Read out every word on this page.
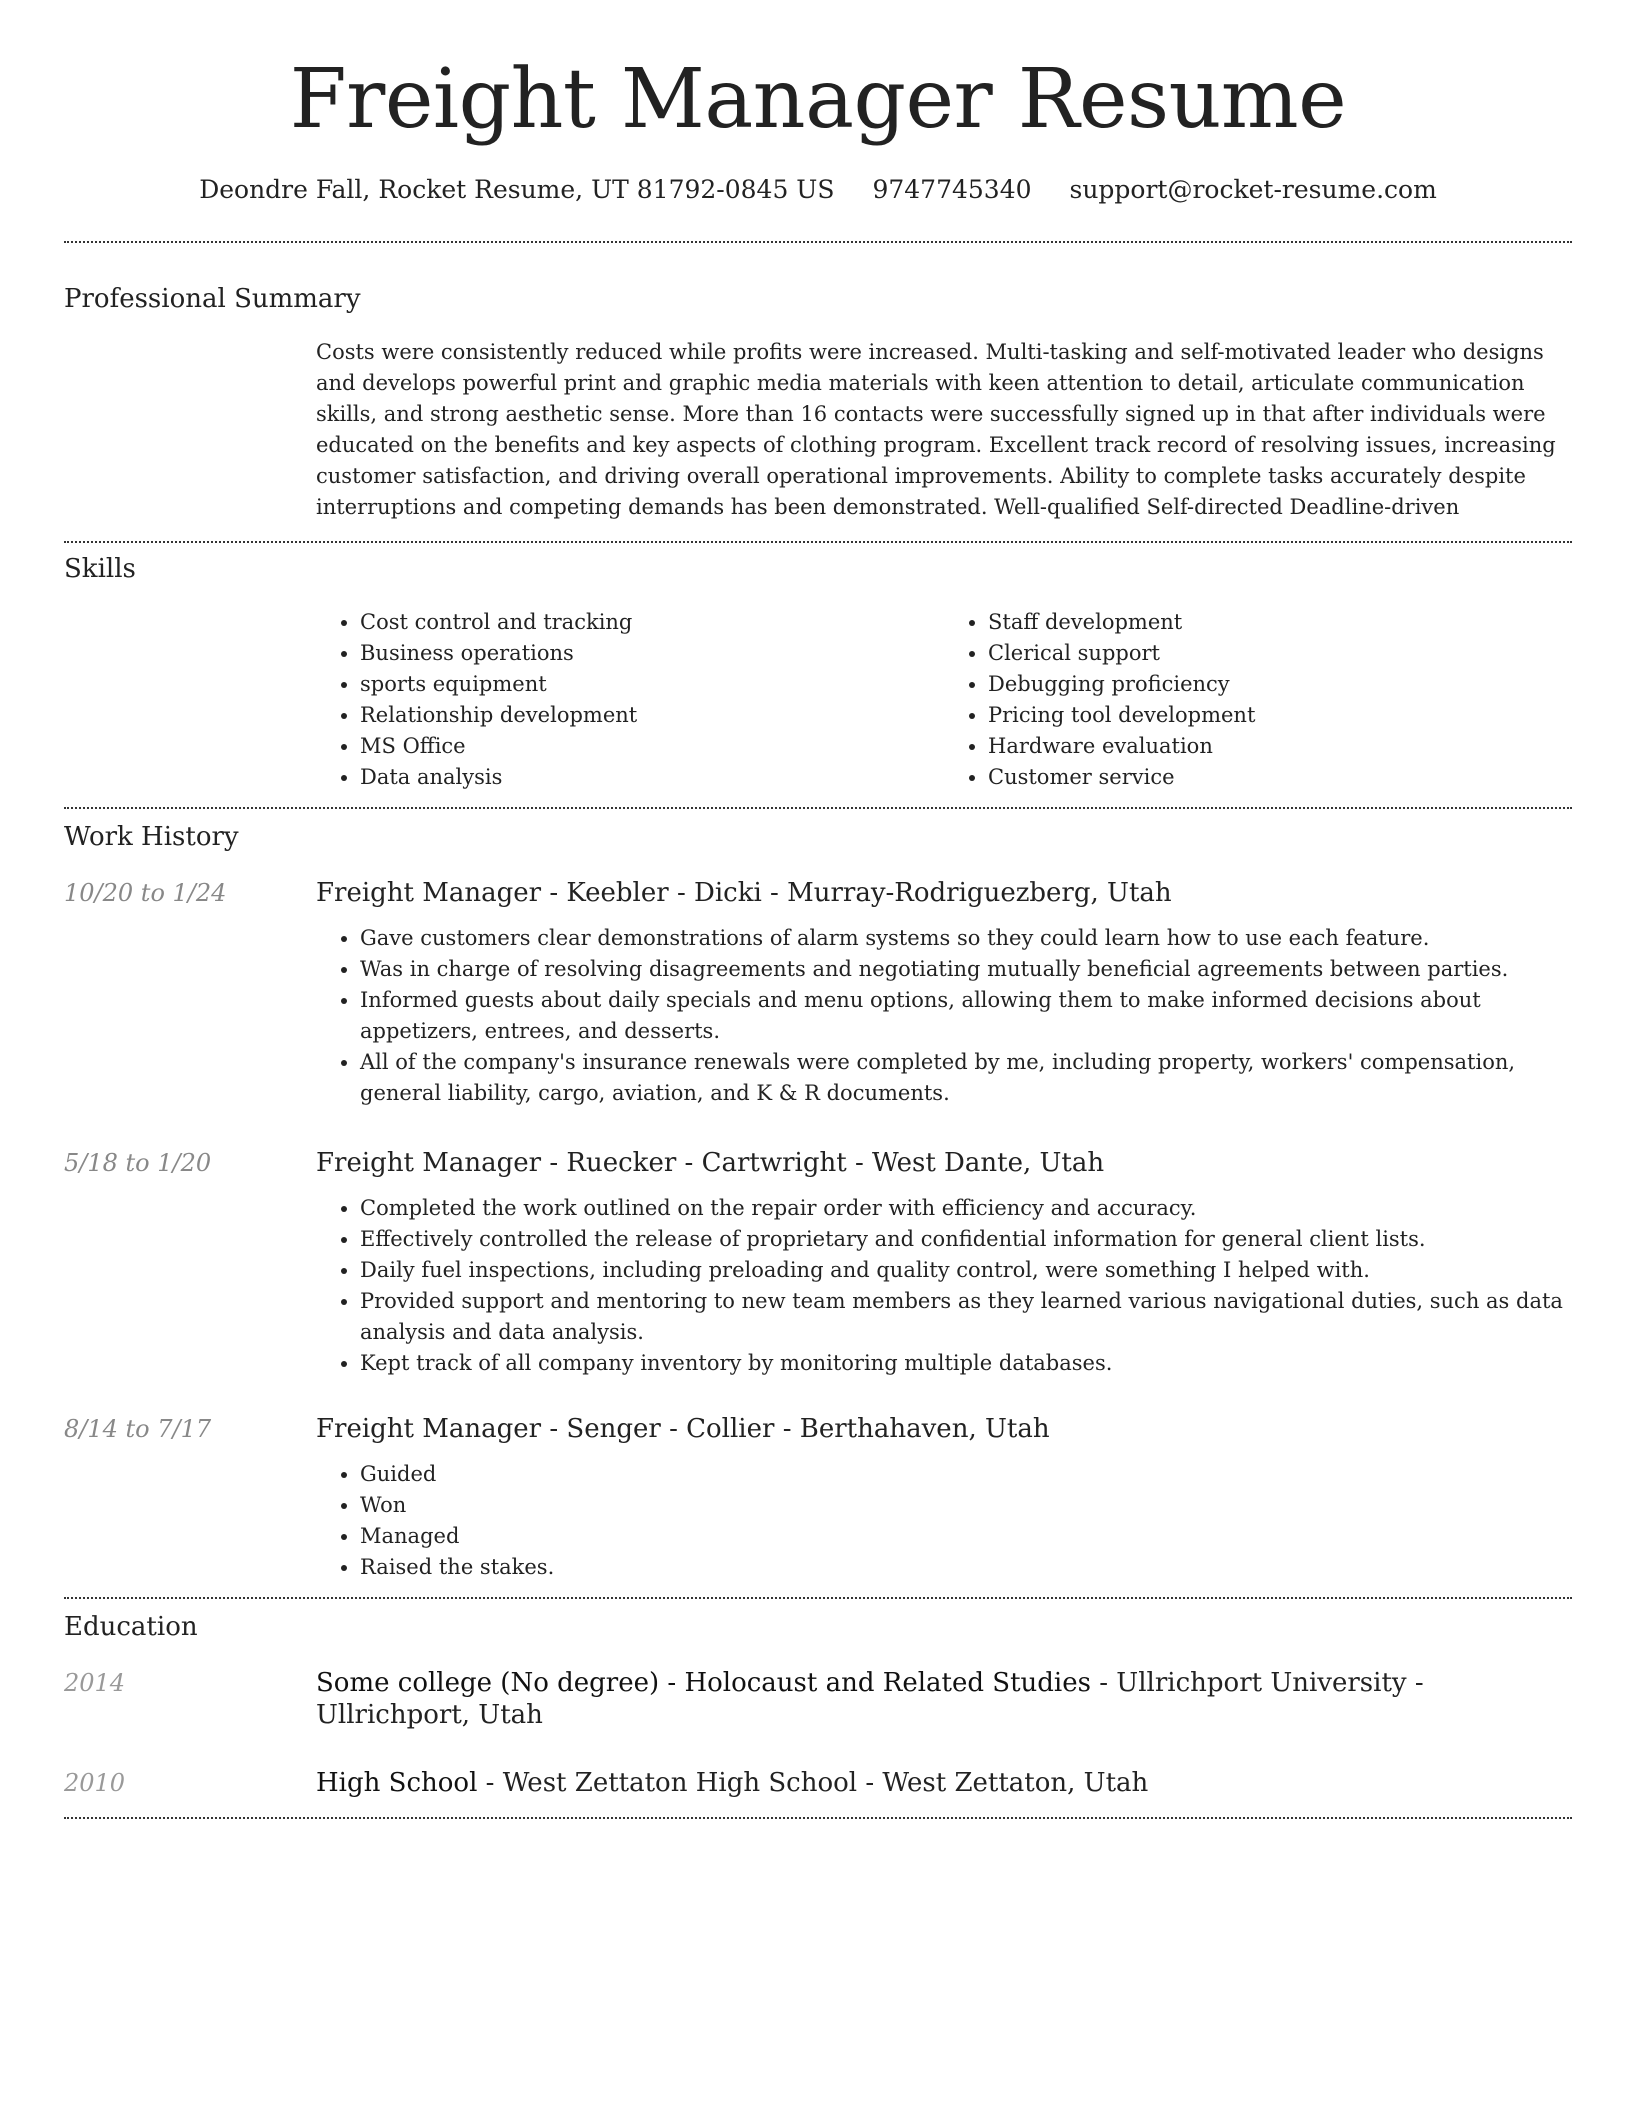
Freight Manager Resume
Deondre Fall, Rocket Resume, UT 81792-0845 US 9747745340 support@rocket-resume.com
Professional Summary
Costs were consistently reduced while profits were increased. Multi-tasking and self-motivated leader who designs and develops powerful print and graphic media materials with keen attention to detail, articulate communication skills, and strong aesthetic sense. More than 16 contacts were successfully signed up in that after individuals were educated on the benefits and key aspects of clothing program. Excellent track record of resolving issues, increasing customer satisfaction, and driving overall operational improvements. Ability to complete tasks accurately despite interruptions and competing demands has been demonstrated. Well-qualified Self-directed Deadline-driven
Skills
• Cost control and tracking
• Business operations
• sports equipment
• Relationship development
• MS Office
• Data analysis
• Staff development
• Clerical support
• Debugging proficiency
• Pricing tool development
• Hardware evaluation
• Customer service
Work History
10/20 to 1/24	Freight Manager - Keebler - Dicki - Murray-Rodriguezberg, Utah
• Gave customers clear demonstrations of alarm systems so they could learn how to use each feature.
• Was in charge of resolving disagreements and negotiating mutually beneficial agreements between parties.
• Informed guests about daily specials and menu options, allowing them to make informed decisions about appetizers, entrees, and desserts.
• All of the company's insurance renewals were completed by me, including property, workers' compensation, general liability, cargo, aviation, and K & R documents.
5/18 to 1/20	Freight Manager - Ruecker - Cartwright - West Dante, Utah
• Completed the work outlined on the repair order with efficiency and accuracy.
• Effectively controlled the release of proprietary and confidential information for general client lists.
• Daily fuel inspections, including preloading and quality control, were something I helped with.
• Provided support and mentoring to new team members as they learned various navigational duties, such as data analysis and data analysis.
• Kept track of all company inventory by monitoring multiple databases.
8/14 to 7/17	Freight Manager - Senger - Collier - Berthahaven, Utah
• Guided
• Won
• Managed
• Raised the stakes.
Education
2014	Some college (No degree) - Holocaust and Related Studies - Ullrichport University - Ullrichport, Utah
2010	High School - West Zettaton High School - West Zettaton, Utah
